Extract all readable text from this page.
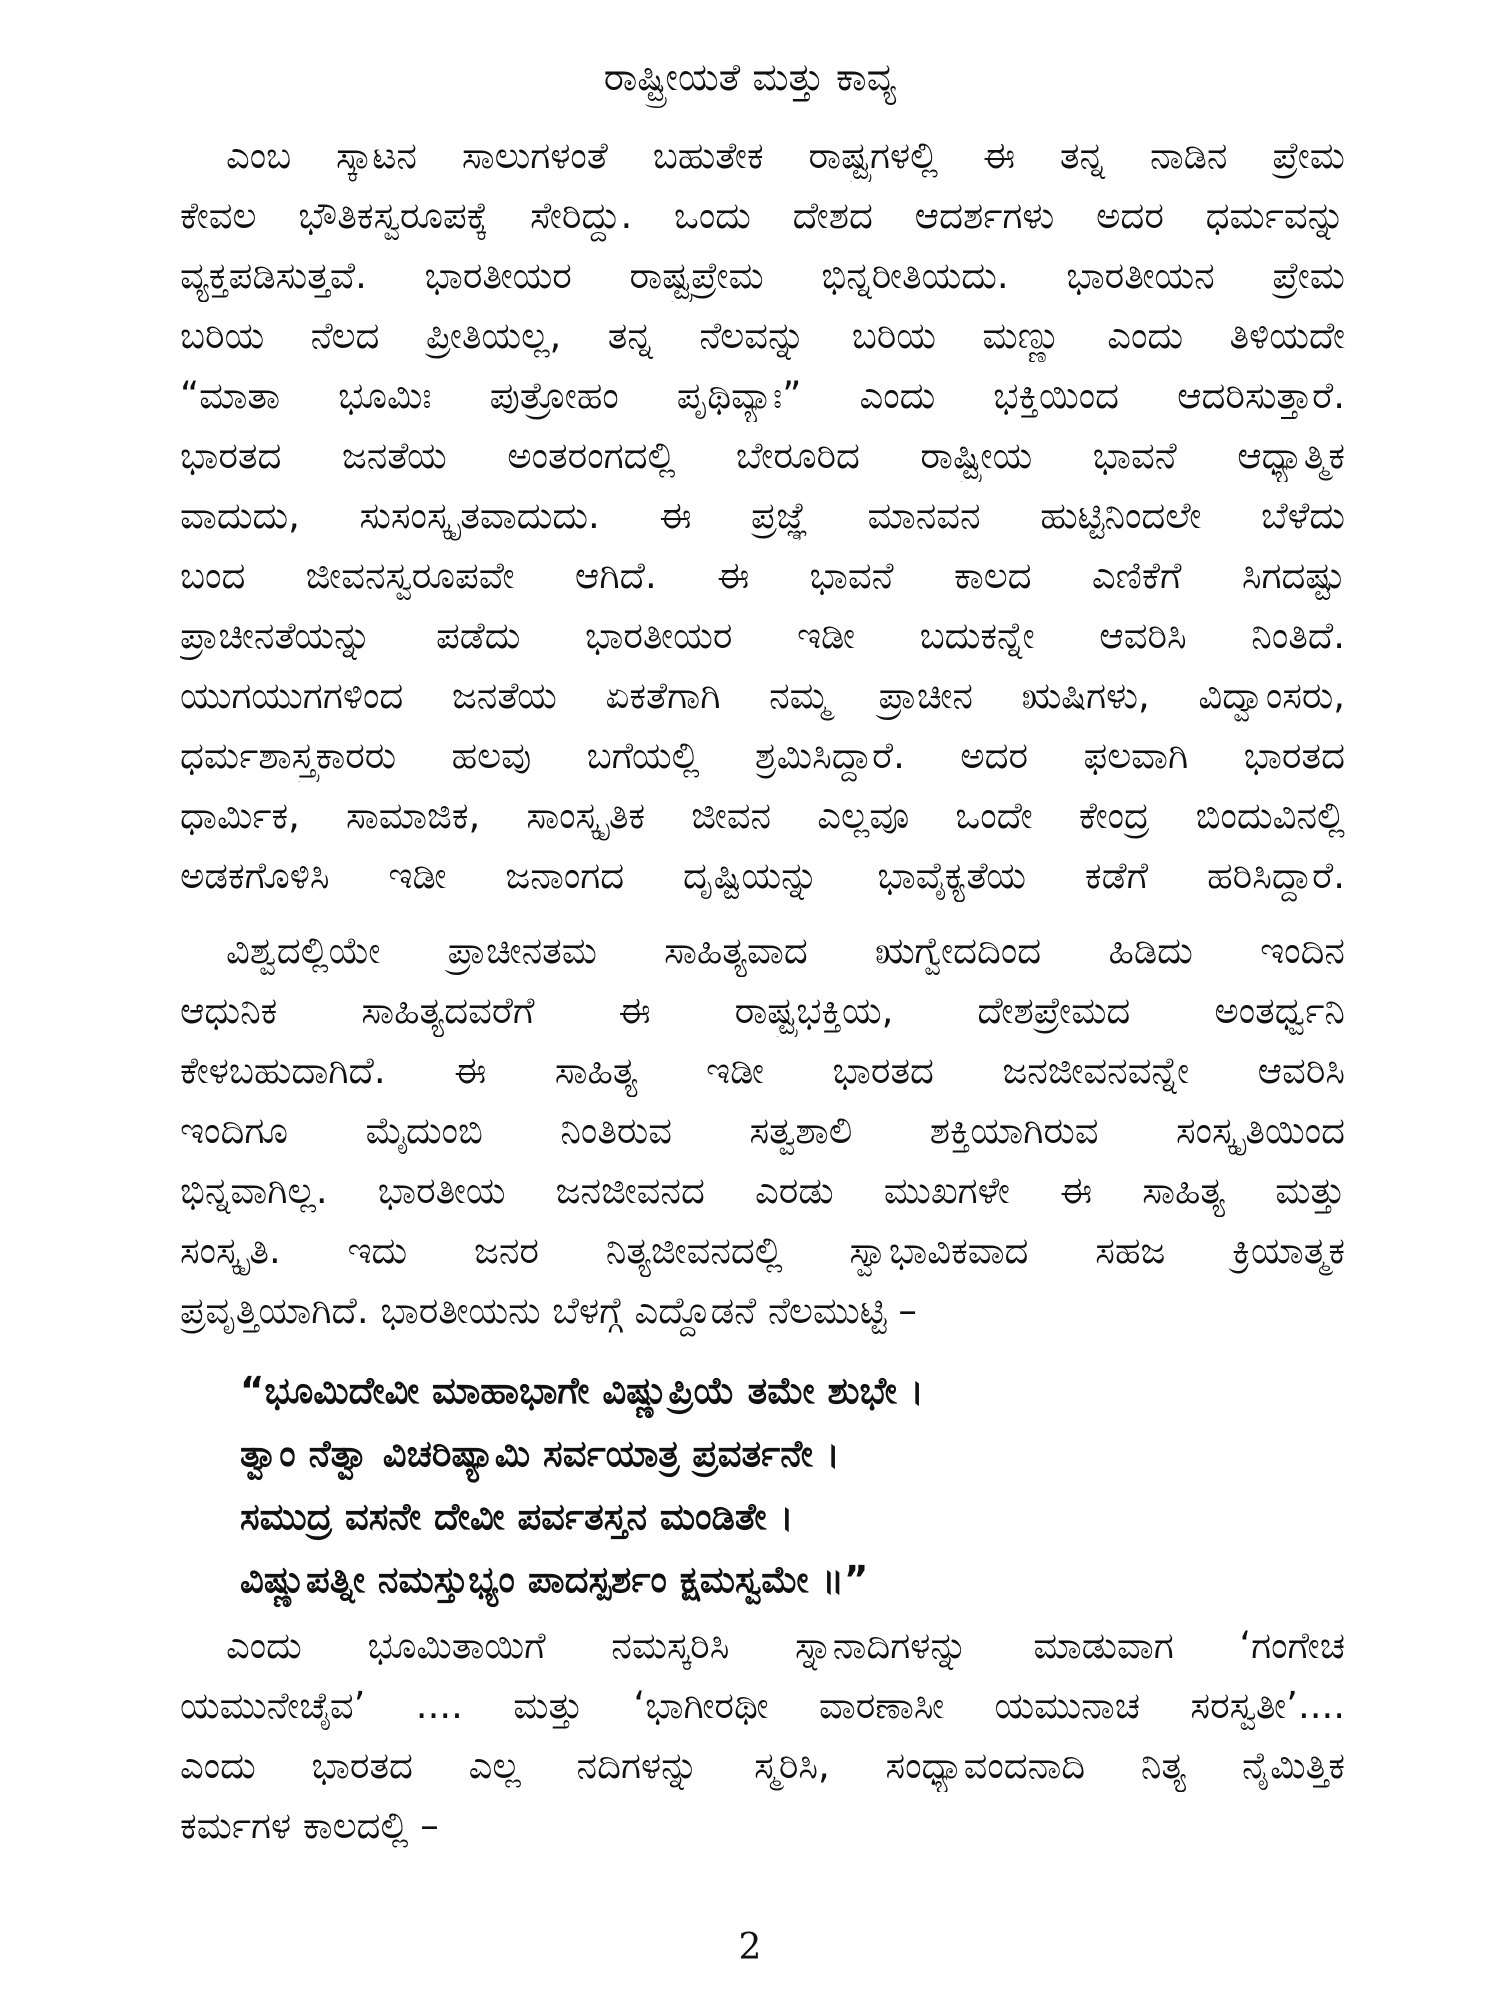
ರಾಷ್ಟ್ರೀಯತೆ ಮತ್ತು ಕಾವ್ಯ
ಎಂಬ ಸ್ಕಾಟನ ಸಾಲುಗಳಂತೆ ಬಹುತೇಕ ರಾಷ್ಟ್ರಗಳಲ್ಲಿ ಈ ತನ್ನ ನಾಡಿನ ಪ್ರೇಮ
ಕೇವಲ ಭೌತಿಕಸ್ವರೂಪಕ್ಕೆ ಸೇರಿದ್ದು. ಒಂದು ದೇಶದ ಆದರ್ಶಗಳು ಅದರ ಧರ್ಮವನ್ನು
ವ್ಯಕ್ತಪಡಿಸುತ್ತವೆ. ಭಾರತೀಯರ ರಾಷ್ಟ್ರಪ್ರೇಮ ಭಿನ್ನರೀತಿಯದು. ಭಾರತೀಯನ ಪ್ರೇಮ
ಬರಿಯ ನೆಲದ ಪ್ರೀತಿಯಲ್ಲ, ತನ್ನ ನೆಲವನ್ನು ಬರಿಯ ಮಣ್ಣು ಎಂದು ತಿಳಿಯದೇ
“ಮಾತಾ ಭೂಮಿಃ ಪುತ್ರೋಹಂ ಪೃಥಿವ್ಯಾಃ” ಎಂದು ಭಕ್ತಿಯಿಂದ ಆದರಿಸುತ್ತಾರೆ.
ಭಾರತದ ಜನತೆಯ ಅಂತರಂಗದಲ್ಲಿ ಬೇರೂರಿದ ರಾಷ್ಟ್ರೀಯ ಭಾವನೆ ಆಧ್ಯಾತ್ಮಿಕ
ವಾದುದು, ಸುಸಂಸ್ಕೃತವಾದುದು. ಈ ಪ್ರಜ್ಞೆ ಮಾನವನ ಹುಟ್ಟಿನಿಂದಲೇ ಬೆಳೆದು
ಬಂದ ಜೀವನಸ್ವರೂಪವೇ ಆಗಿದೆ. ಈ ಭಾವನೆ ಕಾಲದ ಎಣಿಕೆಗೆ ಸಿಗದಷ್ಟು
ಪ್ರಾಚೀನತೆಯನ್ನು ಪಡೆದು ಭಾರತೀಯರ ಇಡೀ ಬದುಕನ್ನೇ ಆವರಿಸಿ ನಿಂತಿದೆ.
ಯುಗಯುಗಗಳಿಂದ ಜನತೆಯ ಏಕತೆಗಾಗಿ ನಮ್ಮ ಪ್ರಾಚೀನ ಋಷಿಗಳು, ವಿದ್ವಾಂಸರು,
ಧರ್ಮಶಾಸ್ತ್ರಕಾರರು ಹಲವು ಬಗೆಯಲ್ಲಿ ಶ್ರಮಿಸಿದ್ದಾರೆ. ಅದರ ಫಲವಾಗಿ ಭಾರತದ
ಧಾರ್ಮಿಕ, ಸಾಮಾಜಿಕ, ಸಾಂಸ್ಕೃತಿಕ ಜೀವನ ಎಲ್ಲವೂ ಒಂದೇ ಕೇಂದ್ರ ಬಿಂದುವಿನಲ್ಲಿ
ಅಡಕಗೊಳಿಸಿ ಇಡೀ ಜನಾಂಗದ ದೃಷ್ಟಿಯನ್ನು ಭಾವೈಕ್ಯತೆಯ ಕಡೆಗೆ ಹರಿಸಿದ್ದಾರೆ.
ವಿಶ್ವದಲ್ಲಿಯೇ ಪ್ರಾಚೀನತಮ ಸಾಹಿತ್ಯವಾದ ಋಗ್ವೇದದಿಂದ ಹಿಡಿದು ಇಂದಿನ
ಆಧುನಿಕ ಸಾಹಿತ್ಯದವರೆಗೆ ಈ ರಾಷ್ಟ್ರಭಕ್ತಿಯ, ದೇಶಪ್ರೇಮದ ಅಂತರ್ಧ್ವನಿ
ಕೇಳಬಹುದಾಗಿದೆ. ಈ ಸಾಹಿತ್ಯ ಇಡೀ ಭಾರತದ ಜನಜೀವನವನ್ನೇ ಆವರಿಸಿ
ಇಂದಿಗೂ ಮೈದುಂಬಿ ನಿಂತಿರುವ ಸತ್ವಶಾಲಿ ಶಕ್ತಿಯಾಗಿರುವ ಸಂಸ್ಕೃತಿಯಿಂದ
ಭಿನ್ನವಾಗಿಲ್ಲ. ಭಾರತೀಯ ಜನಜೀವನದ ಎರಡು ಮುಖಗಳೇ ಈ ಸಾಹಿತ್ಯ ಮತ್ತು
ಸಂಸ್ಕೃತಿ. ಇದು ಜನರ ನಿತ್ಯಜೀವನದಲ್ಲಿ ಸ್ವಾಭಾವಿಕವಾದ ಸಹಜ ಕ್ರಿಯಾತ್ಮಕ
ಪ್ರವೃತ್ತಿಯಾಗಿದೆ. ಭಾರತೀಯನು ಬೆಳಗ್ಗೆ ಎದ್ದೊಡನೆ ನೆಲಮುಟ್ಟಿ –
“ಭೂಮಿದೇವೀ ಮಾಹಾಭಾಗೇ ವಿಷ್ಣುಪ್ರಿಯೆ ತಮೇ ಶುಭೇ ।
ತ್ವಾಂ ನೆತ್ವಾ ವಿಚರಿಷ್ಯಾಮಿ ಸರ್ವಯಾತ್ರ ಪ್ರವರ್ತನೇ ।
ಸಮುದ್ರ ವಸನೇ ದೇವೀ ಪರ್ವತಸ್ತನ ಮಂಡಿತೇ ।
ವಿಷ್ಣುಪತ್ನೀ ನಮಸ್ತುಭ್ಯಂ ಪಾದಸ್ಪರ್ಶಂ ಕ್ಷಮಸ್ವಮೇ ॥”
ಎಂದು ಭೂಮಿತಾಯಿಗೆ ನಮಸ್ಕರಿಸಿ ಸ್ನಾನಾದಿಗಳನ್ನು ಮಾಡುವಾಗ ‘ಗಂಗೇಚ
ಯಮುನೇಚೈವ’ .... ಮತ್ತು ‘ಭಾಗೀರಥೀ ವಾರಣಾಸೀ ಯಮುನಾಚ ಸರಸ್ವತೀ’....
ಎಂದು ಭಾರತದ ಎಲ್ಲ ನದಿಗಳನ್ನು ಸ್ಮರಿಸಿ, ಸಂಧ್ಯಾವಂದನಾದಿ ನಿತ್ಯ ನೈಮಿತ್ತಿಕ
ಕರ್ಮಗಳ ಕಾಲದಲ್ಲಿ –
2
